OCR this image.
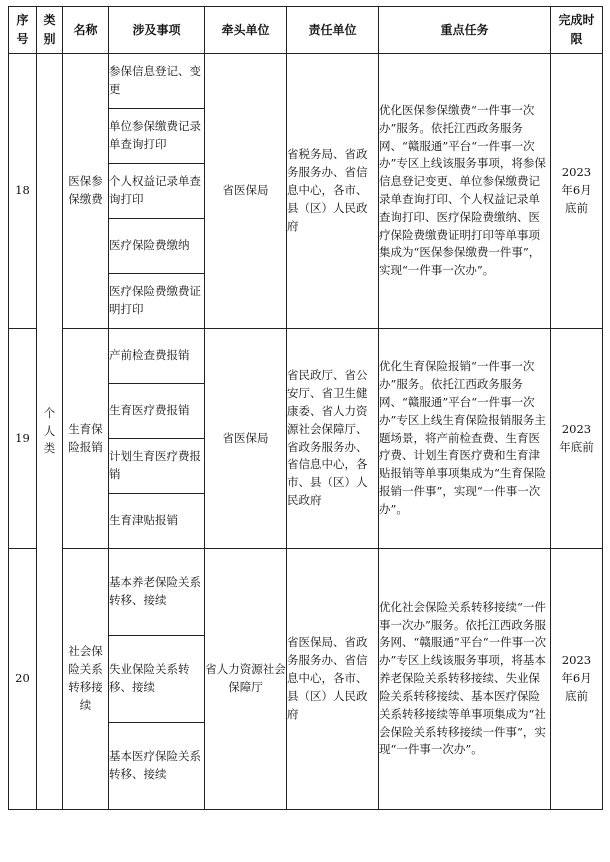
序号	类别	名称	涉及事项	牵头单位	责任单位	重点任务	完成时限
18	个人类	医保参保缴费	参保信息登记、变更	省医保局	省税务局、省政务服务办、省信息中心，各市、县（区）人民政府	优化医保参保缴费“一件事一次办”服务。依托江西政务服务网、“赣服通”平台“一件事一次办”专区上线该服务事项，将参保信息登记变更、单位参保缴费记录单查询打印、个人权益记录单查询打印、医疗保险费缴纳、医疗保险费缴费证明打印等单事项集成为“医保参保缴费一件事”，实现“一件事一次办”。	2023年6月底前
			单位参保缴费记录单查询打印				
			个人权益记录单查询打印				
			医疗保险费缴纳				
			医疗保险费缴费证明打印				
19		生育保险报销	产前检查费报销	省医保局	省民政厅、省公安厅、省卫生健康委、省人力资源社会保障厅、省政务服务办、省信息中心，各市、县（区）人民政府	优化生育保险报销“一件事一次办”服务。依托江西政务服务网、“赣服通”平台“一件事一次办”专区上线生育保险报销服务主题场景，将产前检查费、生育医疗费、计划生育医疗费和生育津贴报销等单事项集成为“生育保险报销一件事”，实现“一件事一次办”。	2023年底前
			生育医疗费报销				
			计划生育医疗费报销				
			生育津贴报销				
20		社会保险关系转移接续	基本养老保险关系转移、接续	省人力资源社会保障厅	省医保局、省政务服务办、省信息中心，各市、县（区）人民政府	优化社会保险关系转移接续“一件事一次办”服务。依托江西政务服务网、“赣服通”平台“一件事一次办”专区上线该服务事项，将基本养老保险关系转移接续、失业保险关系转移接续、基本医疗保险关系转移接续等单事项集成为“社会保险关系转移接续一件事”，实现“一件事一次办”。	2023年6月底前
			失业保险关系转移、接续				
			基本医疗保险关系转移、接续				
